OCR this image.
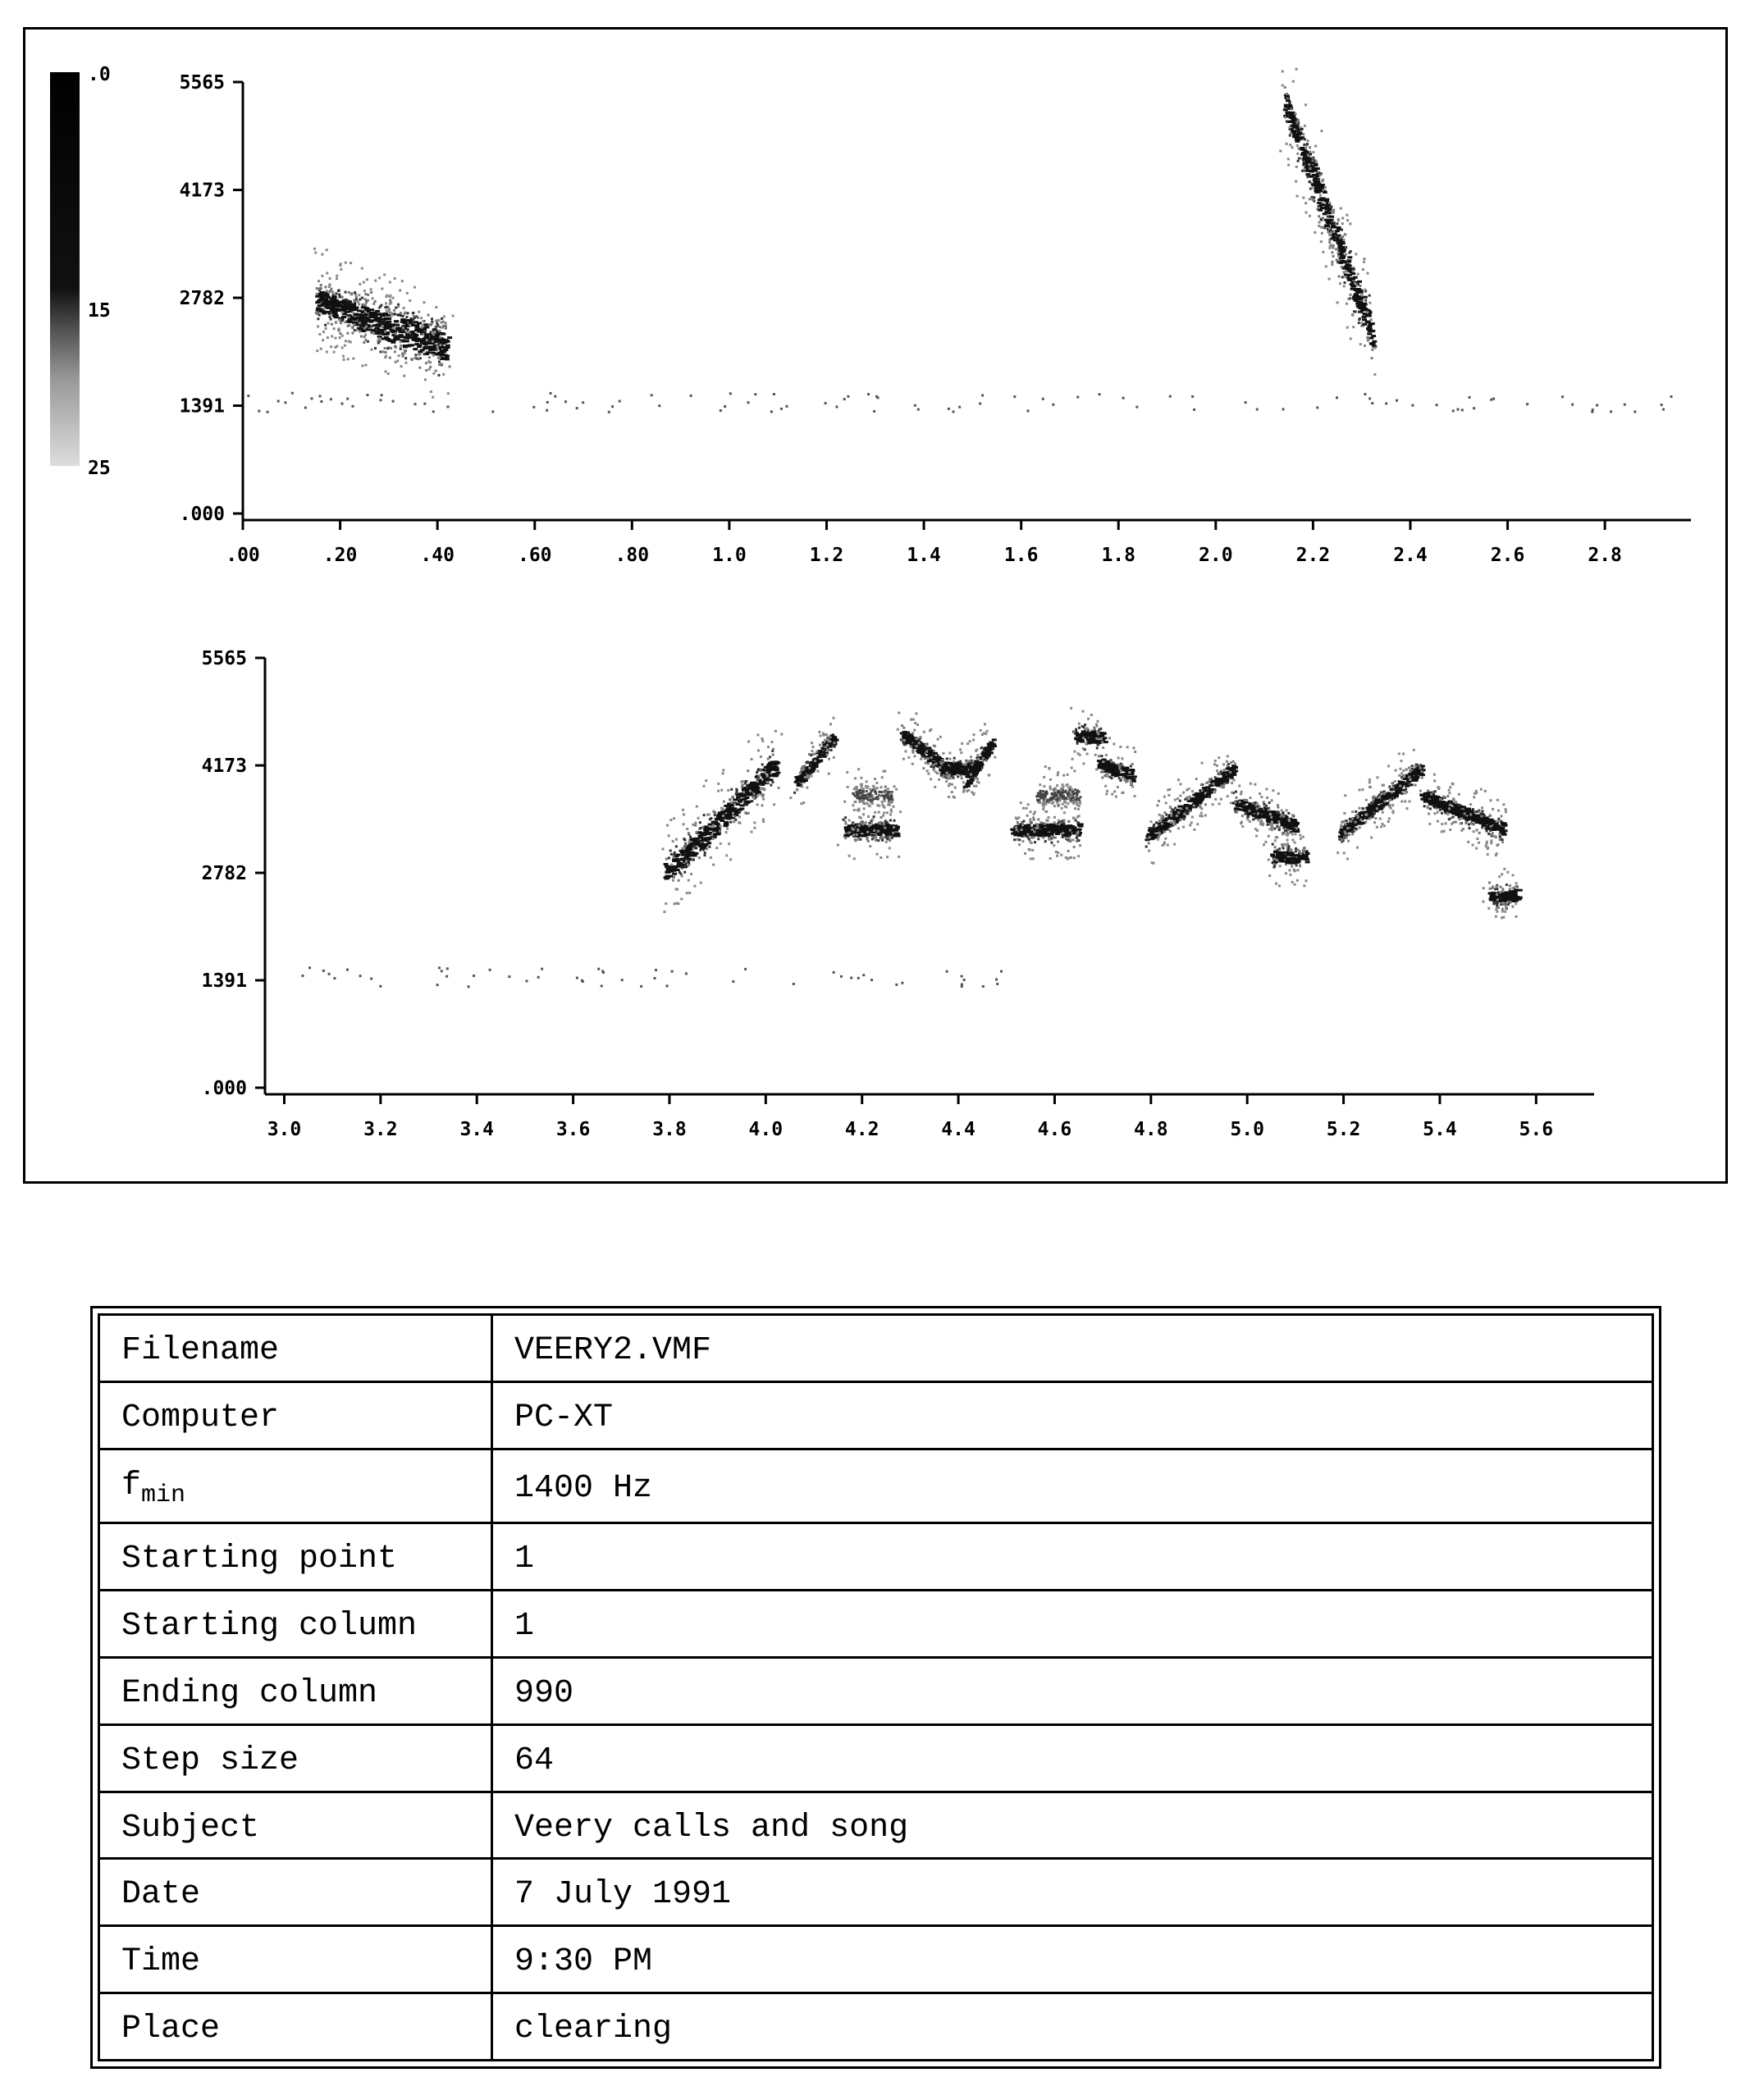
.000
1391
2782
4173
5565
.00	.20	.40	.60	.80	1.0	1.2	1.4	1.6	1.8	2.0	2.2	2.4	2.6	2.8
.0
15
25
.000
1391
2782
4173
5565
3.0	3.2	3.4	3.6	3.8	4.0	4.2	4.4	4.6	4.8	5.0	5.2	5.4	5.6
Filename	VEERY2.VMF
Computer	PC-XT
$f_{min}$	1400 Hz
Starting point	1
Starting column	1
Ending column	990
Step size	64
Subject	Veery calls and song
Date	7 July 1991
Time	9:30 PM
Place	clearing
